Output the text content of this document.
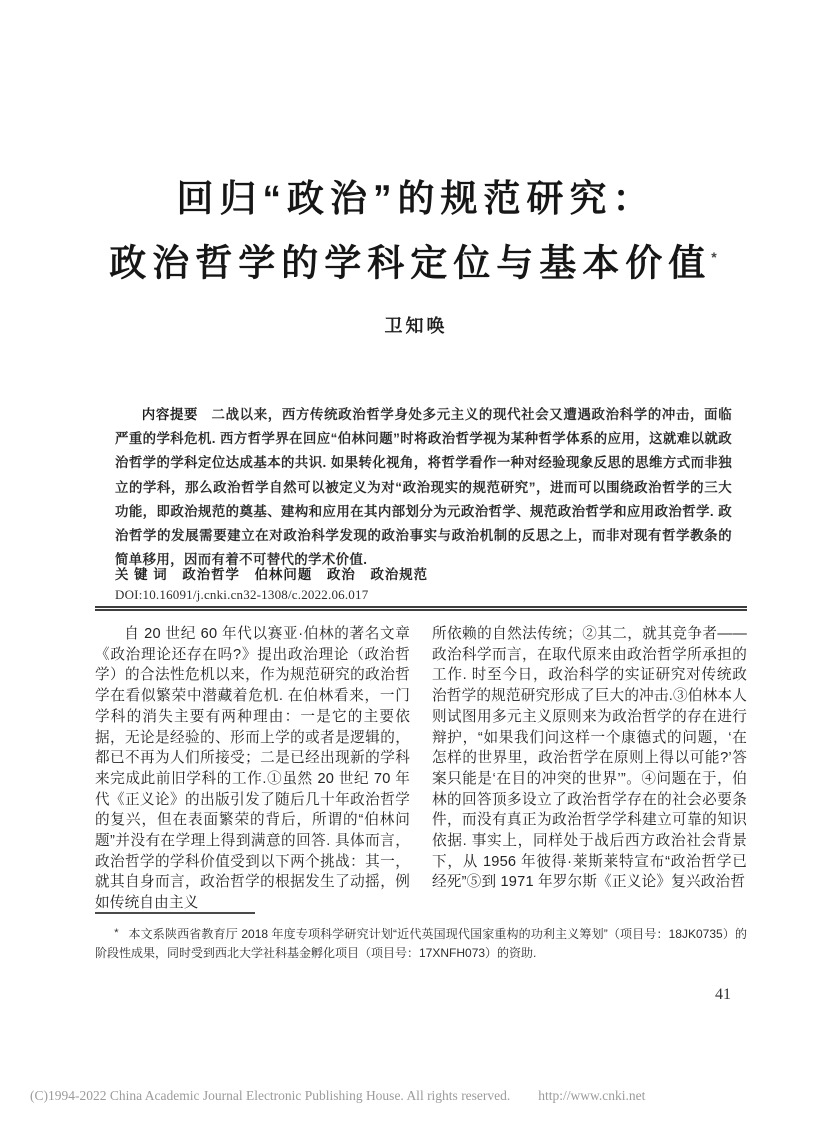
回归“政治”的规范研究：
政治哲学的学科定位与基本价值*
卫知唤

内容提要 二战以来，西方传统政治哲学身处多元主义的现代社会又遭遇政治科学的冲击，面临严重的学科危机. 西方哲学界在回应“伯林问题”时将政治哲学视为某种哲学体系的应用，这就难以就政治哲学的学科定位达成基本的共识. 如果转化视角，将哲学看作一种对经验现象反思的思维方式而非独立的学科，那么政治哲学自然可以被定义为对“政治现实的规范研究”，进而可以围绕政治哲学的三大功能，即政治规范的奠基、建构和应用在其内部划分为元政治哲学、规范政治哲学和应用政治哲学. 政治哲学的发展需要建立在对政治科学发现的政治事实与政治机制的反思之上，而非对现有哲学教条的简单移用，因而有着不可替代的学术价值.

关 键 词 政治哲学 伯林问题 政治 政治规范
DOI:10.16091/j.cnki.cn32-1308/c.2022.06.017

自 20 世纪 60 年代以赛亚·伯林的著名文章《政治理论还存在吗?》提出政治理论（政治哲学）的合法性危机以来，作为规范研究的政治哲学在看似繁荣中潜藏着危机. 在伯林看来，一门学科的消失主要有两种理由：一是它的主要依据，无论是经验的、形而上学的或者是逻辑的，都已不再为人们所接受；二是已经出现新的学科来完成此前旧学科的工作.①虽然 20 世纪 70 年代《正义论》的出版引发了随后几十年政治哲学的复兴，但在表面繁荣的背后，所谓的“伯林问题”并没有在学理上得到满意的回答. 具体而言，政治哲学的学科价值受到以下两个挑战：其一，就其自身而言，政治哲学的根据发生了动摇，例如传统自由主义

所依赖的自然法传统；②其二，就其竞争者——政治科学而言，在取代原来由政治哲学所承担的工作. 时至今日，政治科学的实证研究对传统政治哲学的规范研究形成了巨大的冲击.③伯林本人则试图用多元主义原则来为政治哲学的存在进行辩护，“如果我们问这样一个康德式的问题，‘在怎样的世界里，政治哲学在原则上得以可能?’答案只能是‘在目的冲突的世界’”。④问题在于，伯林的回答顶多设立了政治哲学存在的社会必要条件，而没有真正为政治哲学学科建立可靠的知识依据. 事实上，同样处于战后西方政治社会背景下，从 1956 年彼得·莱斯莱特宣布“政治哲学已经死”⑤到 1971 年罗尔斯《正义论》复兴政治哲

* 本文系陕西省教育厅 2018 年度专项科学研究计划“近代英国现代国家重构的功利主义筹划”（项目号：18JK0735）的阶段性成果，同时受到西北大学社科基金孵化项目（项目号：17XNFH073）的资助.

41
(C)1994-2022 China Academic Journal Electronic Publishing House. All rights reserved. http://www.cnki.net
